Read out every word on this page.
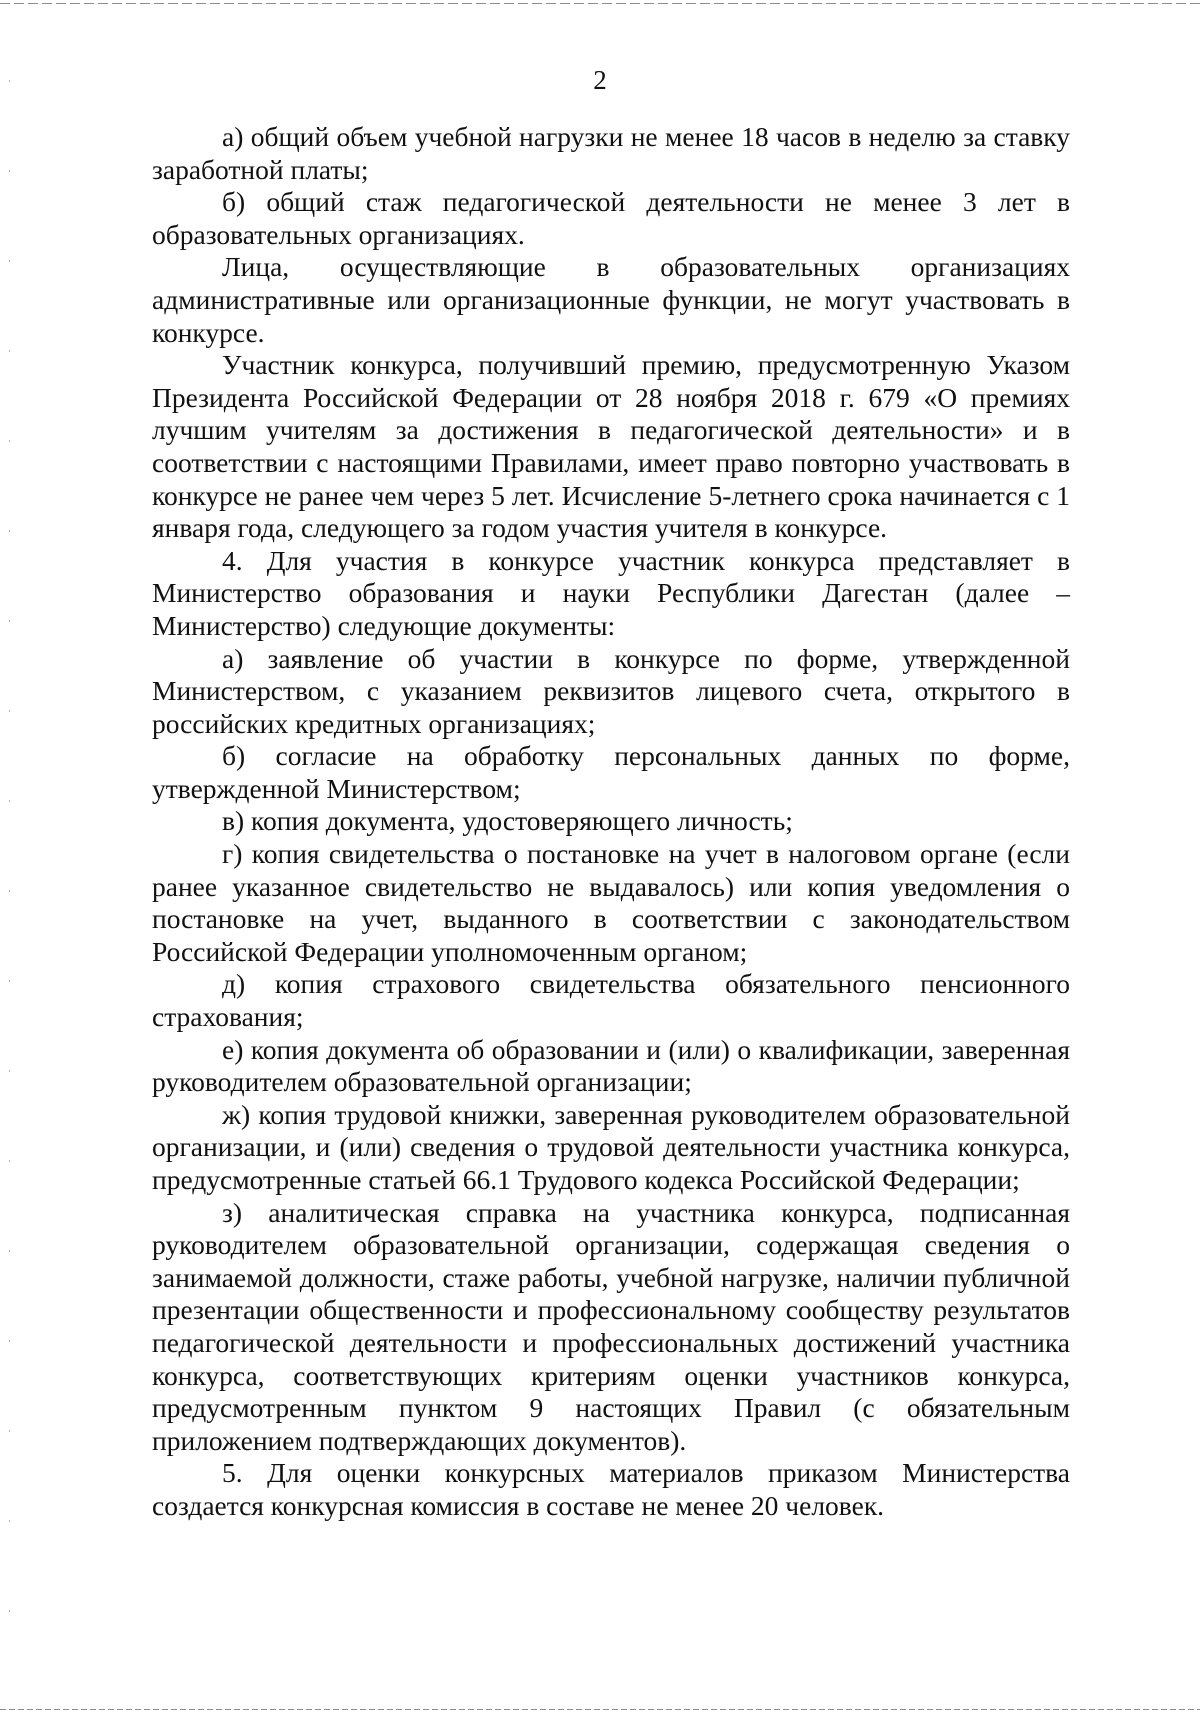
2

а) общий объем учебной нагрузки не менее 18 часов в неделю за ставку заработной платы;

б) общий стаж педагогической деятельности не менее 3 лет в образовательных организациях.

Лица, осуществляющие в образовательных организациях административные или организационные функции, не могут участвовать в конкурсе.

Участник конкурса, получивший премию, предусмотренную Указом Президента Российской Федерации от 28 ноября 2018 г. 679 «О премиях лучшим учителям за достижения в педагогической деятельности» и в соответствии с настоящими Правилами, имеет право повторно участвовать в конкурсе не ранее чем через 5 лет. Исчисление 5-летнего срока начинается с 1 января года, следующего за годом участия учителя в конкурсе.

4. Для участия в конкурсе участник конкурса представляет в Министерство образования и науки Республики Дагестан (далее – Министерство) следующие документы:

а) заявление об участии в конкурсе по форме, утвержденной Министерством, с указанием реквизитов лицевого счета, открытого в российских кредитных организациях;

б) согласие на обработку персональных данных по форме, утвержденной Министерством;

в) копия документа, удостоверяющего личность;

г) копия свидетельства о постановке на учет в налоговом органе (если ранее указанное свидетельство не выдавалось) или копия уведомления о постановке на учет, выданного в соответствии с законодательством Российской Федерации уполномоченным органом;

д) копия страхового свидетельства обязательного пенсионного страхования;

е) копия документа об образовании и (или) о квалификации, заверенная руководителем образовательной организации;

ж) копия трудовой книжки, заверенная руководителем образовательной организации, и (или) сведения о трудовой деятельности участника конкурса, предусмотренные статьей 66.1 Трудового кодекса Российской Федерации;

з) аналитическая справка на участника конкурса, подписанная руководителем образовательной организации, содержащая сведения о занимаемой должности, стаже работы, учебной нагрузке, наличии публичной презентации общественности и профессиональному сообществу результатов педагогической деятельности и профессиональных достижений участника конкурса, соответствующих критериям оценки участников конкурса, предусмотренным пунктом 9 настоящих Правил (с обязательным приложением подтверждающих документов).

5. Для оценки конкурсных материалов приказом Министерства создается конкурсная комиссия в составе не менее 20 человек.
